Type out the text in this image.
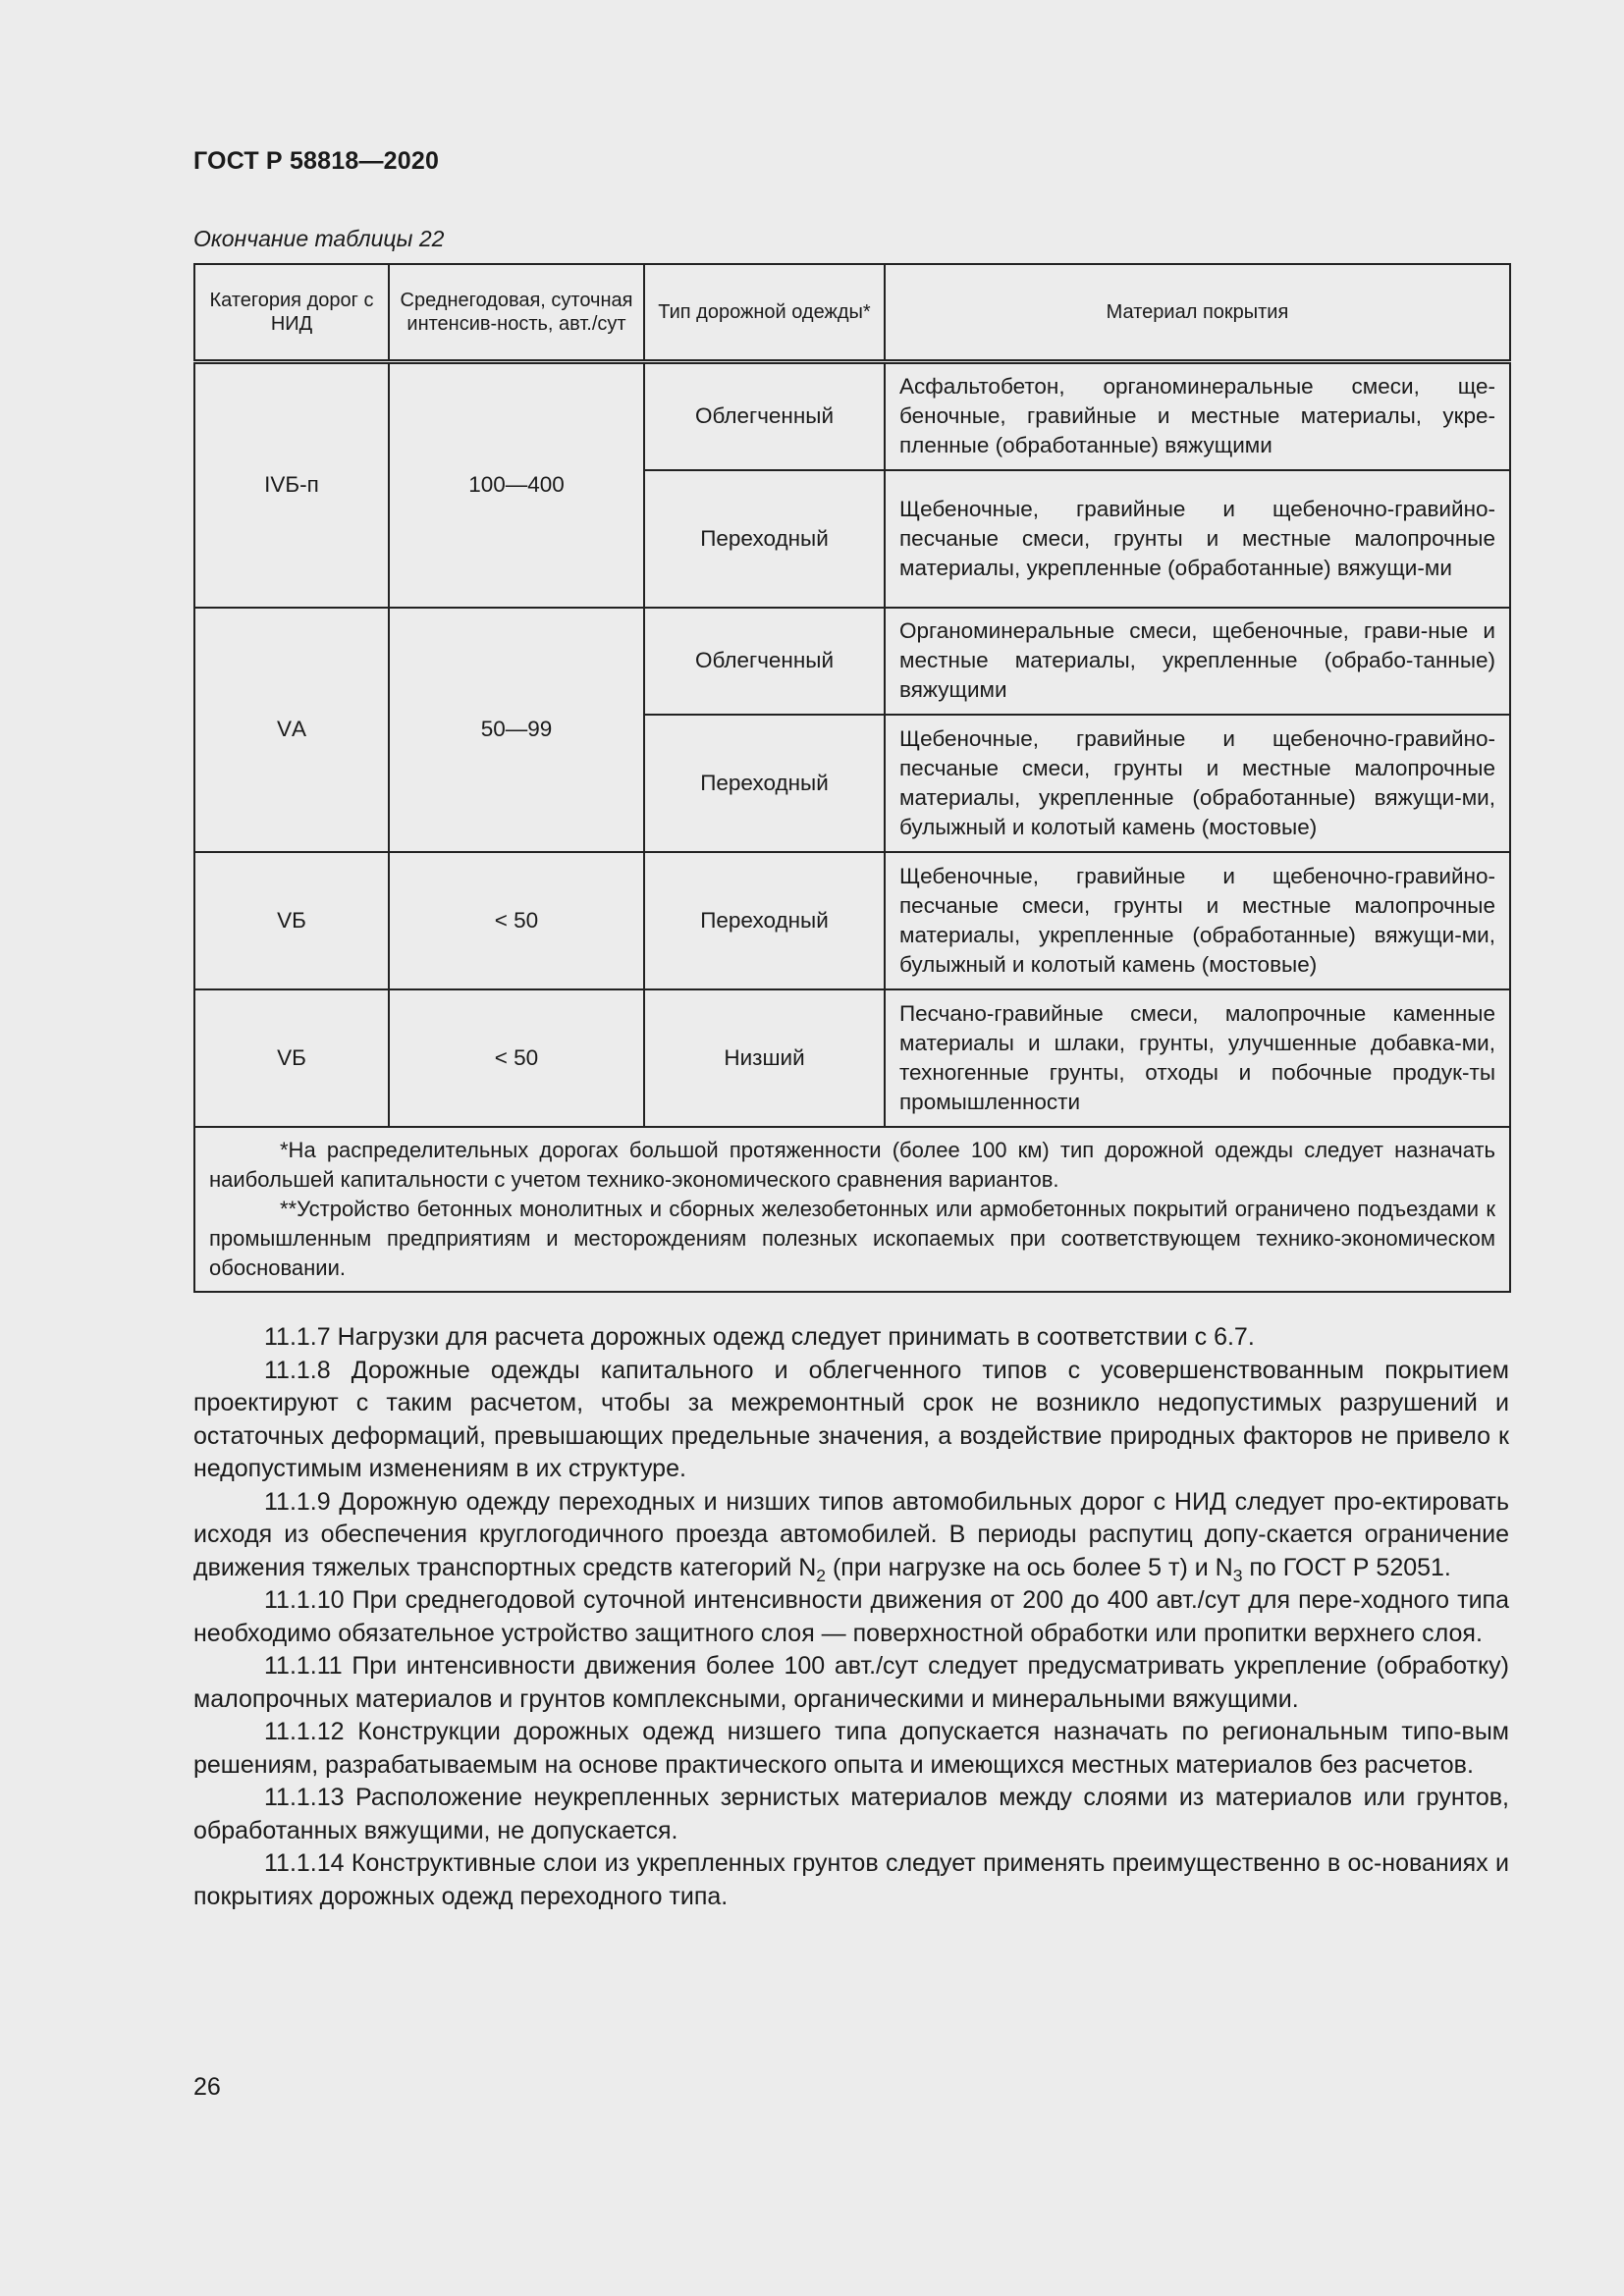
ГОСТ Р 58818—2020
Окончание таблицы 22
Категория дорог с НИД	Среднегодовая, суточная интенсив-ность, авт./сут	Тип дорожной одежды*	Материал покрытия
IVБ-п	100—400	Облегченный	Асфальтобетон, органоминеральные смеси, ще-беночные, гравийные и местные материалы, укре-пленные (обработанные) вяжущими
		Переходный	Щебеночные, гравийные и щебеночно-гравийно-песчаные смеси, грунты и местные малопрочные материалы, укрепленные (обработанные) вяжущи-ми
VА	50—99	Облегченный	Органоминеральные смеси, щебеночные, грави-ные и местные материалы, укрепленные (обрабо-танные) вяжущими
		Переходный	Щебеночные, гравийные и щебеночно-гравийно-песчаные смеси, грунты и местные малопрочные материалы, укрепленные (обработанные) вяжущи-ми, булыжный и колотый камень (мостовые)
VБ	< 50	Переходный	Щебеночные, гравийные и щебеночно-гравийно-песчаные смеси, грунты и местные малопрочные материалы, укрепленные (обработанные) вяжущи-ми, булыжный и колотый камень (мостовые)
VБ	< 50	Низший	Песчано-гравийные смеси, малопрочные каменные материалы и шлаки, грунты, улучшенные добавка-ми, техногенные грунты, отходы и побочные продук-ты промышленности

*На распределительных дорогах большой протяженности (более 100 км) тип дорожной одежды следует назначать наибольшей капитальности с учетом технико-экономического сравнения вариантов.

**Устройство бетонных монолитных и сборных железобетонных или армобетонных покрытий ограничено подъездами к промышленным предприятиям и месторождениям полезных ископаемых при соответствующем технико-экономическом обосновании.			

11.1.7 Нагрузки для расчета дорожных одежд следует принимать в соответствии с 6.7.

11.1.8 Дорожные одежды капитального и облегченного типов с усовершенствованным покрытием проектируют с таким расчетом, чтобы за межремонтный срок не возникло недопустимых разрушений и остаточных деформаций, превышающих предельные значения, а воздействие природных факторов не привело к недопустимым изменениям в их структуре.

11.1.9 Дорожную одежду переходных и низших типов автомобильных дорог с НИД следует про-ектировать исходя из обеспечения круглогодичного проезда автомобилей. В периоды распутиц допу-скается ограничение движения тяжелых транспортных средств категорий $N_2$ (при нагрузке на ось более 5 т) и $N_3$ по ГОСТ Р 52051.

11.1.10 При среднегодовой суточной интенсивности движения от 200 до 400 авт./сут для пере-ходного типа необходимо обязательное устройство защитного слоя — поверхностной обработки или пропитки верхнего слоя.

11.1.11 При интенсивности движения более 100 авт./сут следует предусматривать укрепление (обработку) малопрочных материалов и грунтов комплексными, органическими и минеральными вяжущими.

11.1.12 Конструкции дорожных одежд низшего типа допускается назначать по региональным типо-вым решениям, разрабатываемым на основе практического опыта и имеющихся местных материалов без расчетов.

11.1.13 Расположение неукрепленных зернистых материалов между слоями из материалов или грунтов, обработанных вяжущими, не допускается.

11.1.14 Конструктивные слои из укрепленных грунтов следует применять преимущественно в ос-нованиях и покрытиях дорожных одежд переходного типа.

26
